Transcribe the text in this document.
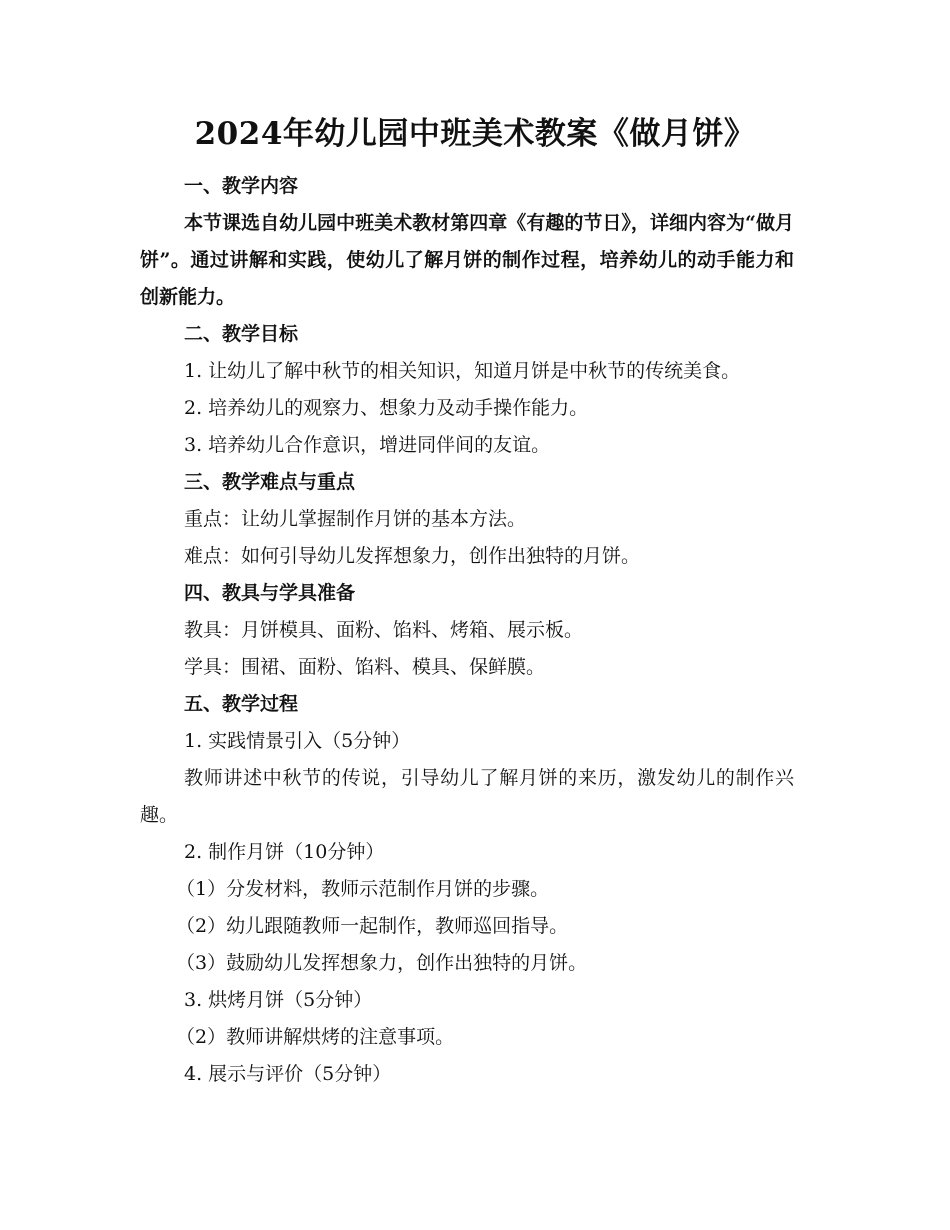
2024年幼儿园中班美术教案《做月饼》
一、教学内容
本节课选自幼儿园中班美术教材第四章《有趣的节日》，详细内容为“做月饼”。通过讲解和实践，使幼儿了解月饼的制作过程，培养幼儿的动手能力和创新能力。
二、教学目标
1. 让幼儿了解中秋节的相关知识，知道月饼是中秋节的传统美食。
2. 培养幼儿的观察力、想象力及动手操作能力。
3. 培养幼儿合作意识，增进同伴间的友谊。
三、教学难点与重点
重点：让幼儿掌握制作月饼的基本方法。
难点：如何引导幼儿发挥想象力，创作出独特的月饼。
四、教具与学具准备
教具：月饼模具、面粉、馅料、烤箱、展示板。
学具：围裙、面粉、馅料、模具、保鲜膜。
五、教学过程
1. 实践情景引入（5分钟）
教师讲述中秋节的传说，引导幼儿了解月饼的来历，激发幼儿的制作兴趣。
2. 制作月饼（10分钟）
（1）分发材料，教师示范制作月饼的步骤。
（2）幼儿跟随教师一起制作，教师巡回指导。
（3）鼓励幼儿发挥想象力，创作出独特的月饼。
3. 烘烤月饼（5分钟）
（2）教师讲解烘烤的注意事项。
4. 展示与评价（5分钟）
